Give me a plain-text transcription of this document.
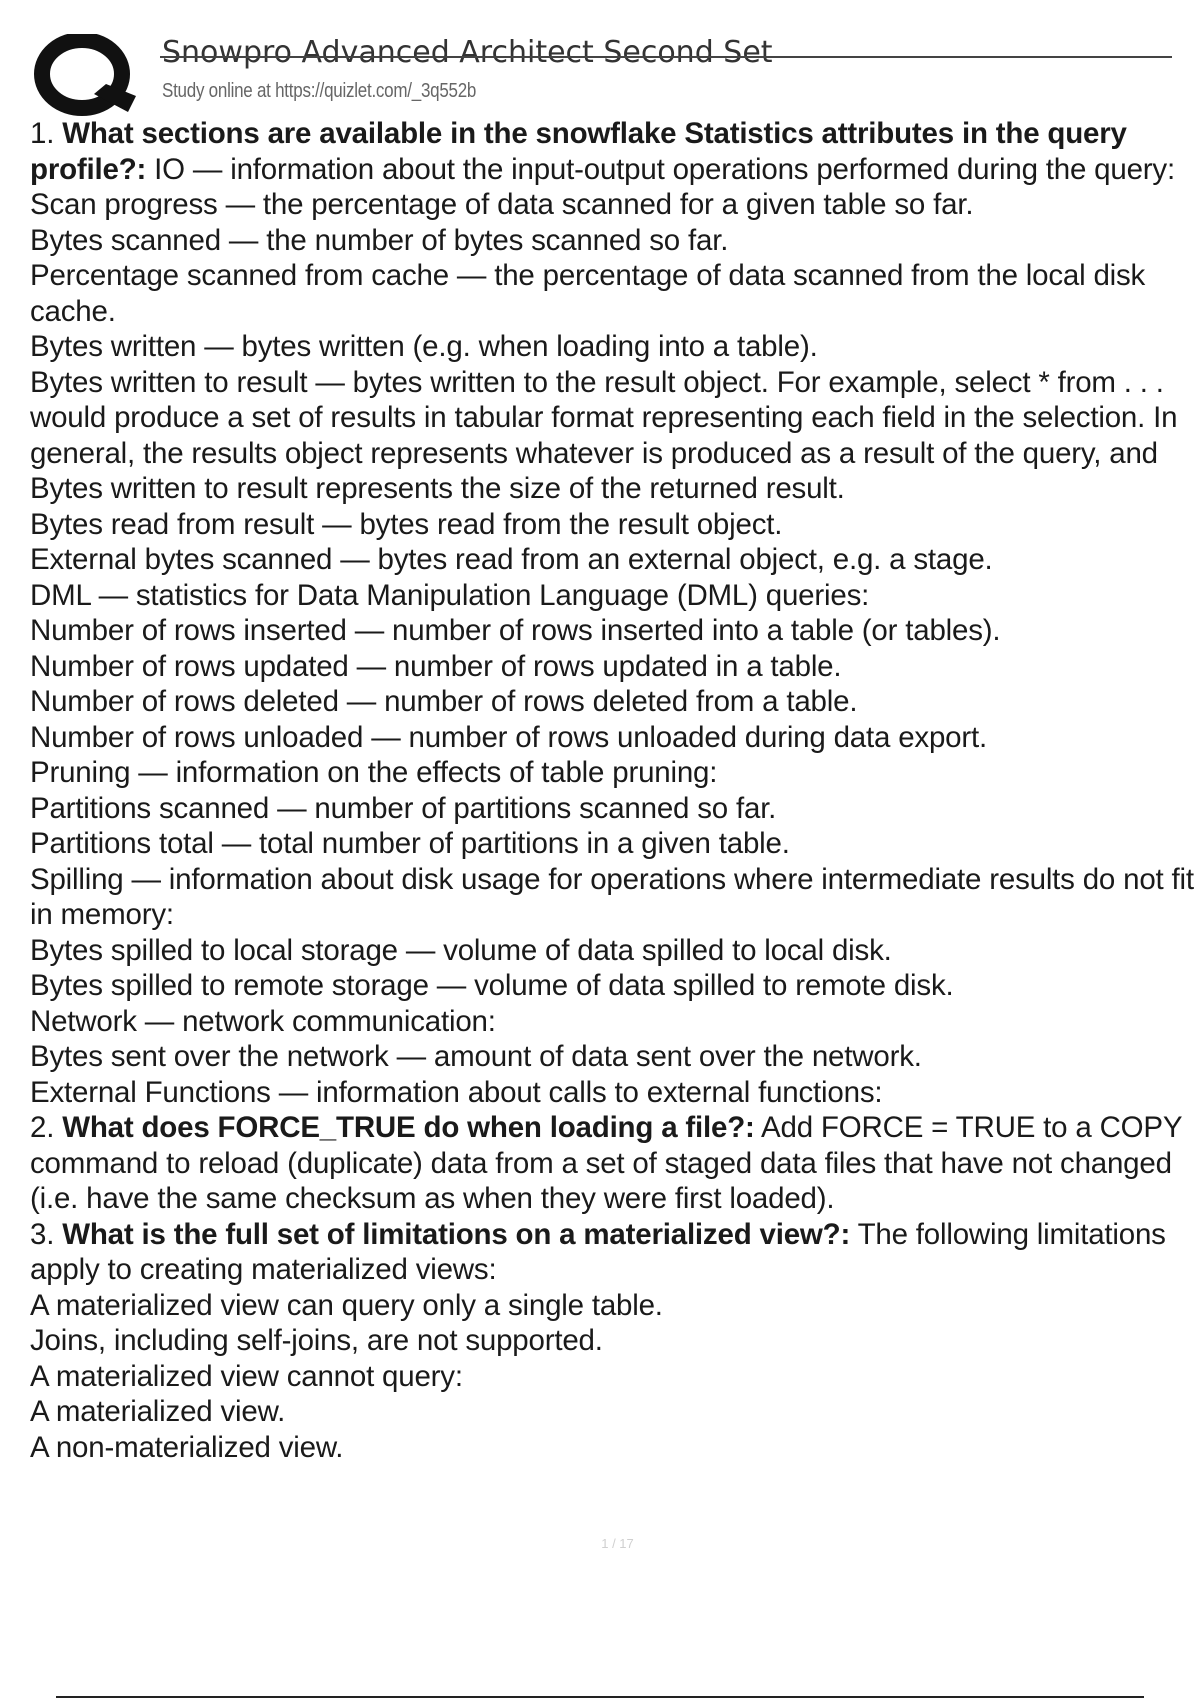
Snowpro Advanced Architect Second Set
Study online at https://quizlet.com/_3q552b

1. What sections are available in the snowflake Statistics attributes in the query profile?: IO — information about the input-output operations performed during the query:

Scan progress — the percentage of data scanned for a given table so far.

Bytes scanned — the number of bytes scanned so far.

Percentage scanned from cache — the percentage of data scanned from the local disk cache.

Bytes written — bytes written (e.g. when loading into a table).

Bytes written to result — bytes written to the result object. For example, select * from . . . would produce a set of results in tabular format representing each field in the selection. In general, the results object represents whatever is produced as a result of the query, and Bytes written to result represents the size of the returned result.

Bytes read from result — bytes read from the result object.

External bytes scanned — bytes read from an external object, e.g. a stage.

DML — statistics for Data Manipulation Language (DML) queries:

Number of rows inserted — number of rows inserted into a table (or tables).

Number of rows updated — number of rows updated in a table.

Number of rows deleted — number of rows deleted from a table.

Number of rows unloaded — number of rows unloaded during data export.

Pruning — information on the effects of table pruning:

Partitions scanned — number of partitions scanned so far.

Partitions total — total number of partitions in a given table.

Spilling — information about disk usage for operations where intermediate results do not fit in memory:

Bytes spilled to local storage — volume of data spilled to local disk.

Bytes spilled to remote storage — volume of data spilled to remote disk.

Network — network communication:

Bytes sent over the network — amount of data sent over the network.

External Functions — information about calls to external functions:

2. What does FORCE_TRUE do when loading a file?: Add FORCE = TRUE to a COPY command to reload (duplicate) data from a set of staged data files that have not changed (i.e. have the same checksum as when they were first loaded).

3. What is the full set of limitations on a materialized view?: The following limitations apply to creating materialized views:

A materialized view can query only a single table.

Joins, including self-joins, are not supported.

A materialized view cannot query:

A materialized view.

A non-materialized view.

1 / 17
